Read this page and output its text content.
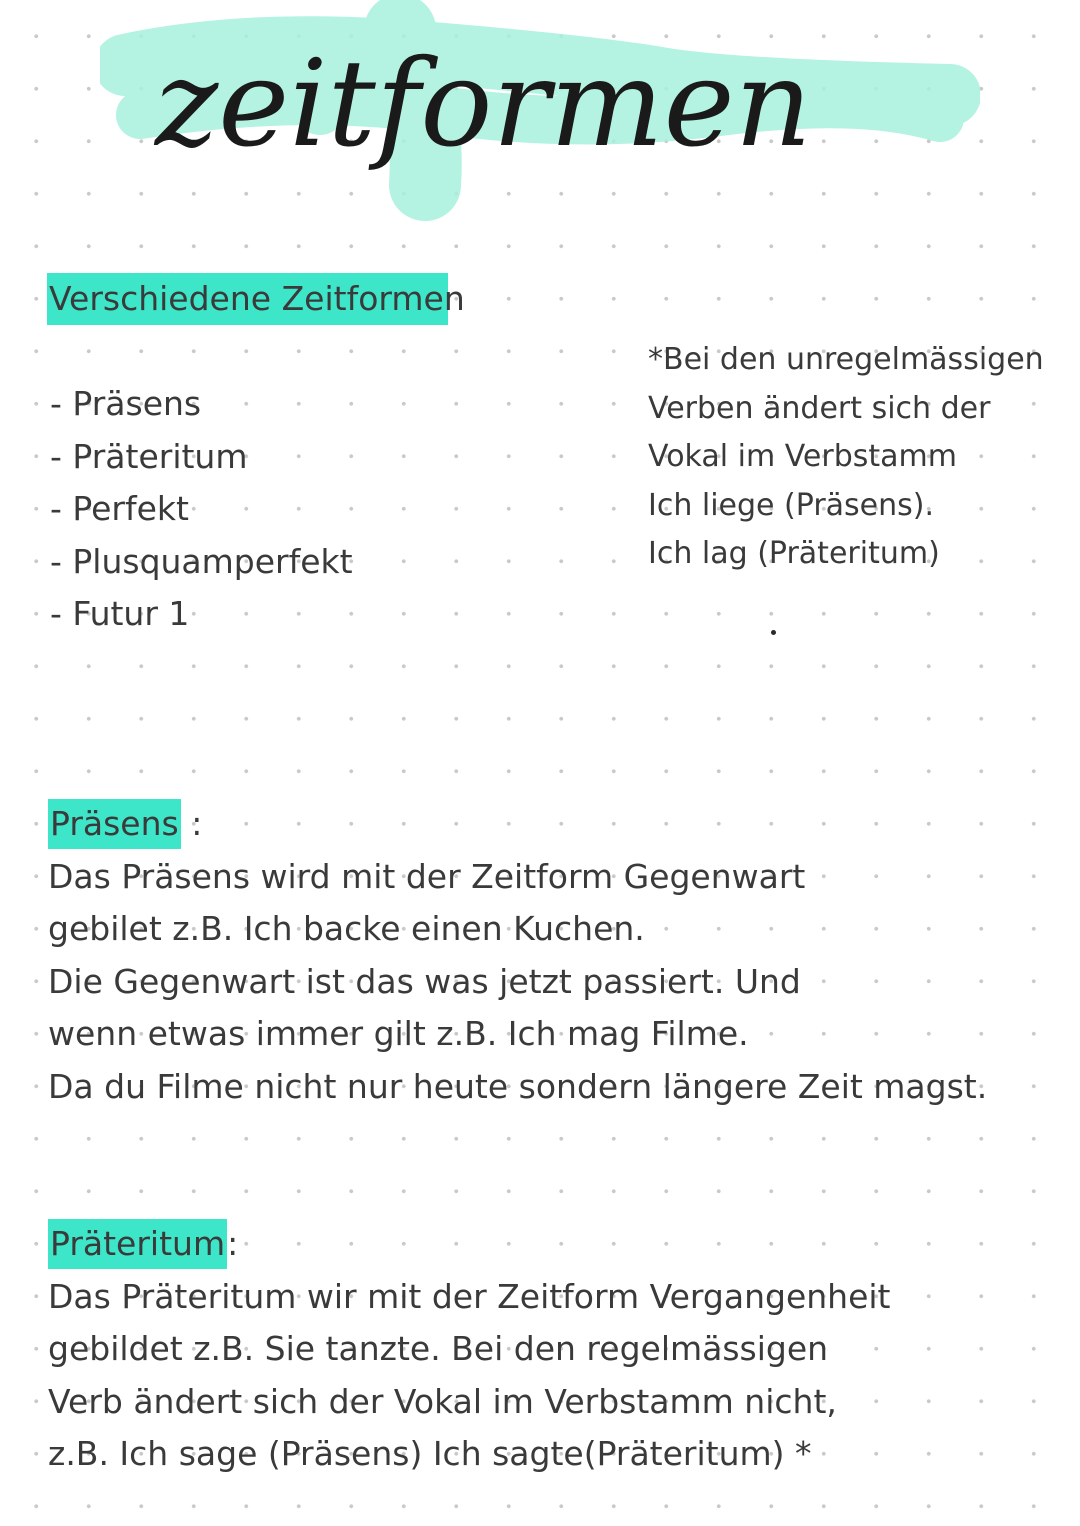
zeitformen
Verschiedene Zeitformen
- Präsens
- Präteritum
- Perfekt
- Plusquamperfekt
- Futur 1
*Bei den unregelmässigen
Verben ändert sich der
Vokal im Verbstamm
Ich liege (Präsens).
Ich lag (Präteritum)
Präsens :
Das Präsens wird mit der Zeitform Gegenwart
gebilet z.B. Ich backe einen Kuchen.
Die Gegenwart ist das was jetzt passiert. Und
wenn etwas immer gilt z.B. Ich mag Filme.
Da du Filme nicht nur heute sondern längere Zeit magst.
Präteritum:
Das Präteritum wir mit der Zeitform Vergangenheit
gebildet z.B. Sie tanzte. Bei den regelmässigen
Verb ändert sich der Vokal im Verbstamm nicht,
z.B. Ich sage (Präsens) Ich sagte(Präteritum) *
